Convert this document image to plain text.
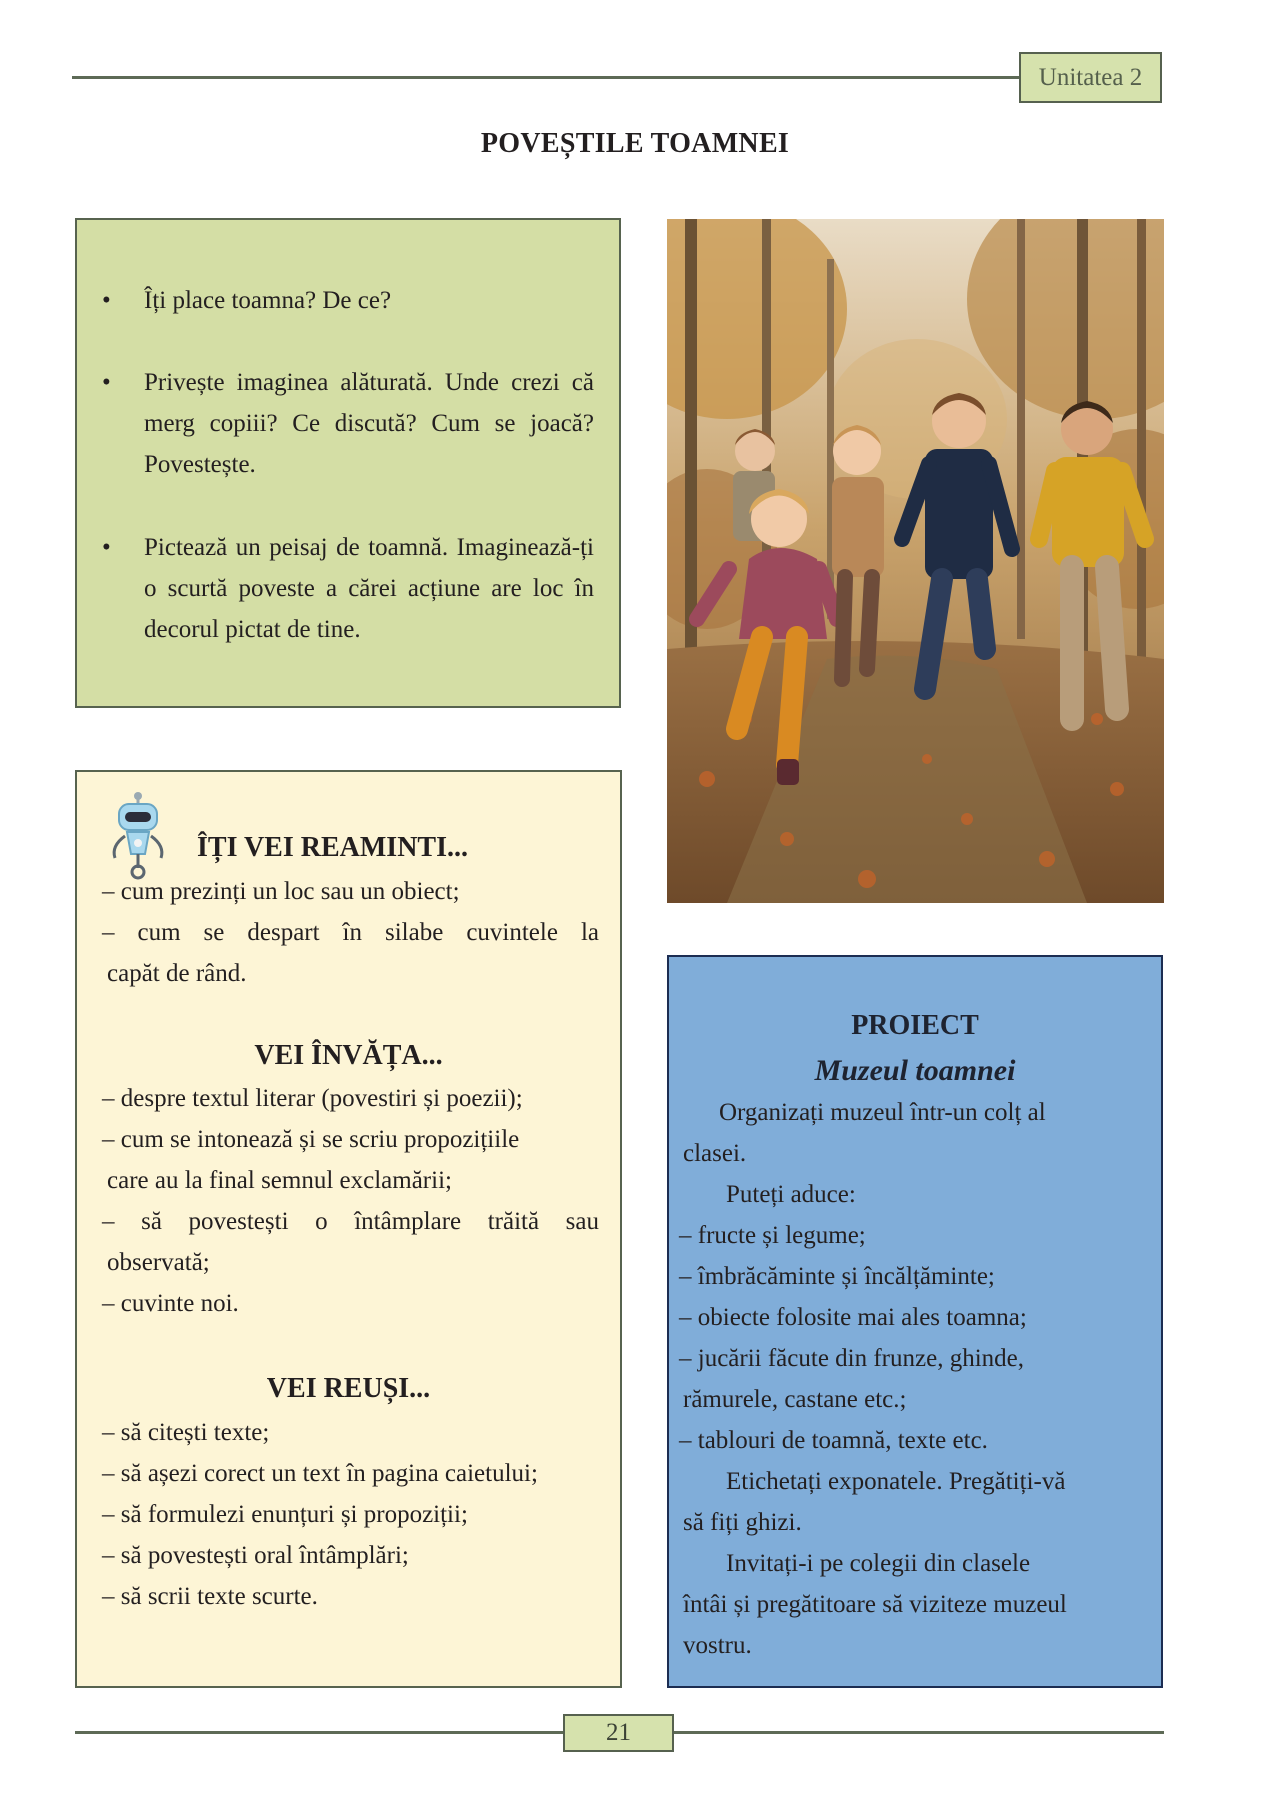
Unitatea 2
POVEȘTILE TOAMNEI
• Îți place toamna? De ce?
• Privește imaginea alăturată. Unde crezi că merg copiii? Ce discută? Cum se joacă? Povestește.
• Pictează un peisaj de toamnă. Imaginează-ți o scurtă poveste a cărei acțiune are loc în decorul pictat de tine.
ÎȚI VEI REAMINTI...
– cum prezinți un loc sau un obiect;
– cum se despart în silabe cuvintele la
capăt de rând.
VEI ÎNVĂȚA...
– despre textul literar (povestiri și poezii);
– cum se intonează și se scriu propozițiile
care au la final semnul exclamării;
– să povestești o întâmplare trăită sau
observată;
– cuvinte noi.
VEI REUȘI...
– să citești texte;
– să așezi corect un text în pagina caietului;
– să formulezi enunțuri și propoziții;
– să povestești oral întâmplări;
– să scrii texte scurte.
PROIECT
Muzeul toamnei
Organizați muzeul într-un colț al
clasei.
Puteți aduce:
– fructe și legume;
– îmbrăcăminte și încălțăminte;
– obiecte folosite mai ales toamna;
– jucării făcute din frunze, ghinde,
rămurele, castane etc.;
– tablouri de toamnă, texte etc.
Etichetați exponatele. Pregătiți-vă
să fiți ghizi.
Invitați-i pe colegii din clasele
întâi și pregătitoare să viziteze muzeul
vostru.
21
